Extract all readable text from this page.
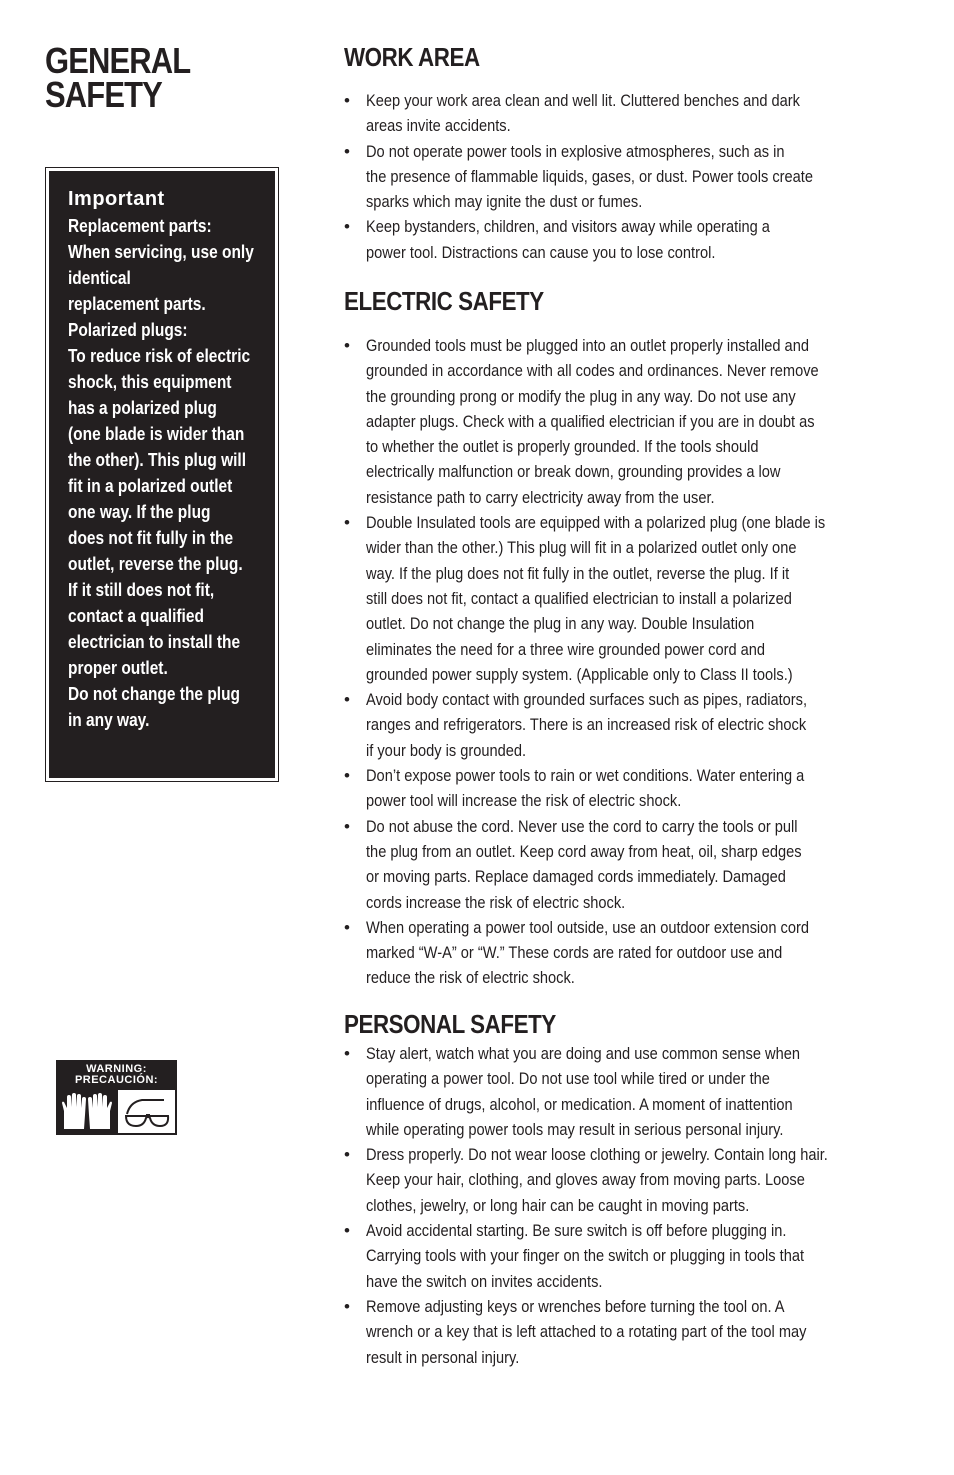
GENERAL
SAFETY
Important
Replacement parts:
When servicing, use only
identical
replacement parts.
Polarized plugs:
To reduce risk of electric
shock, this equipment
has a polarized plug
(one blade is wider than
the other). This plug will
fit in a polarized outlet
one way. If the plug
does not fit fully in the
outlet, reverse the plug.
If it still does not fit,
contact a qualified
electrician to install the
proper outlet.
Do not change the plug
in any way.
WARNING:
PRECAUCIÓN:
WORK AREA
• Keep your work area clean and well lit. Cluttered benches and dark
areas invite accidents.
• Do not operate power tools in explosive atmospheres, such as in
the presence of flammable liquids, gases, or dust. Power tools create
sparks which may ignite the dust or fumes.
• Keep bystanders, children, and visitors away while operating a
power tool. Distractions can cause you to lose control.
ELECTRIC SAFETY
• Grounded tools must be plugged into an outlet properly installed and
grounded in accordance with all codes and ordinances. Never remove
the grounding prong or modify the plug in any way. Do not use any
adapter plugs. Check with a qualified electrician if you are in doubt as
to whether the outlet is properly grounded. If the tools should
electrically malfunction or break down, grounding provides a low
resistance path to carry electricity away from the user.
• Double Insulated tools are equipped with a polarized plug (one blade is
wider than the other.) This plug will fit in a polarized outlet only one
way. If the plug does not fit fully in the outlet, reverse the plug. If it
still does not fit, contact a qualified electrician to install a polarized
outlet. Do not change the plug in any way. Double Insulation
eliminates the need for a three wire grounded power cord and
grounded power supply system. (Applicable only to Class II tools.)
• Avoid body contact with grounded surfaces such as pipes, radiators,
ranges and refrigerators. There is an increased risk of electric shock
if your body is grounded.
• Don’t expose power tools to rain or wet conditions. Water entering a
power tool will increase the risk of electric shock.
• Do not abuse the cord. Never use the cord to carry the tools or pull
the plug from an outlet. Keep cord away from heat, oil, sharp edges
or moving parts. Replace damaged cords immediately. Damaged
cords increase the risk of electric shock.
• When operating a power tool outside, use an outdoor extension cord
marked “W-A” or “W.” These cords are rated for outdoor use and
reduce the risk of electric shock.
PERSONAL SAFETY
• Stay alert, watch what you are doing and use common sense when
operating a power tool. Do not use tool while tired or under the
influence of drugs, alcohol, or medication. A moment of inattention
while operating power tools may result in serious personal injury.
• Dress properly. Do not wear loose clothing or jewelry. Contain long hair.
Keep your hair, clothing, and gloves away from moving parts. Loose
clothes, jewelry, or long hair can be caught in moving parts.
• Avoid accidental starting. Be sure switch is off before plugging in.
Carrying tools with your finger on the switch or plugging in tools that
have the switch on invites accidents.
• Remove adjusting keys or wrenches before turning the tool on. A
wrench or a key that is left attached to a rotating part of the tool may
result in personal injury.
